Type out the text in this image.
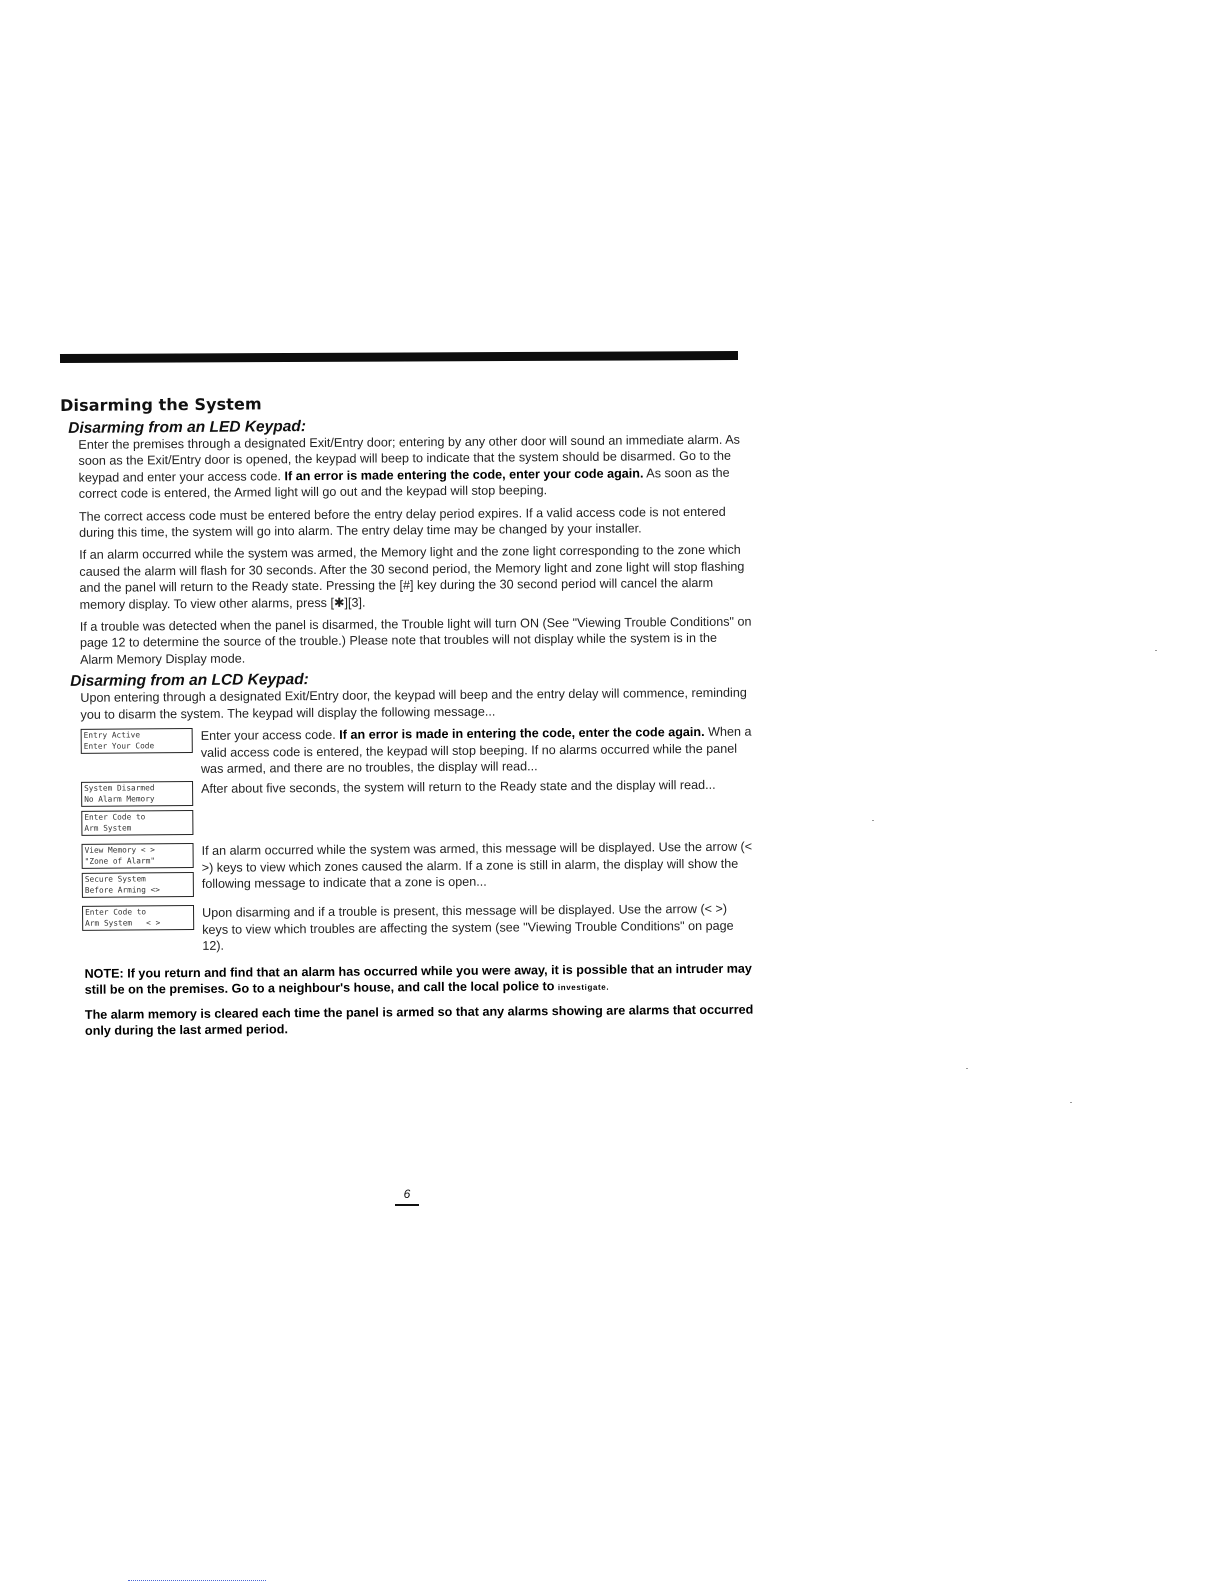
Disarming the System
Disarming from an LED Keypad:

Enter the premises through a designated Exit/Entry door; entering by any other door will sound an immediate alarm. As soon as the Exit/Entry door is opened, the keypad will beep to indicate that the system should be disarmed. Go to the keypad and enter your access code. If an error is made entering the code, enter your code again. As soon as the correct code is entered, the Armed light will go out and the keypad will stop beeping.

The correct access code must be entered before the entry delay period expires. If a valid access code is not entered during this time, the system will go into alarm. The entry delay time may be changed by your installer.

If an alarm occurred while the system was armed, the Memory light and the zone light corresponding to the zone which caused the alarm will flash for 30 seconds. After the 30 second period, the Memory light and zone light will stop flashing and the panel will return to the Ready state. Pressing the [#] key during the 30 second period will cancel the alarm memory display. To view other alarms, press [✱][3].

If a trouble was detected when the panel is disarmed, the Trouble light will turn ON (See "Viewing Trouble Conditions" on page 12 to determine the source of the trouble.) Please note that troubles will not display while the system is in the Alarm Memory Display mode.

Disarming from an LCD Keypad:

Upon entering through a designated Exit/Entry door, the keypad will beep and the entry delay will commence, reminding you to disarm the system. The keypad will display the following message...

Entry Active
Enter Your Code

Enter your access code. If an error is made in entering the code, enter the code again. When a valid access code is entered, the keypad will stop beeping. If no alarms occurred while the panel was armed, and there are no troubles, the display will read...

System Disarmed
No Alarm Memory
Enter Code to
Arm System

After about five seconds, the system will return to the Ready state and the display will read...

View Memory < >
"Zone of Alarm"
Secure System
Before Arming <>

If an alarm occurred while the system was armed, this message will be displayed. Use the arrow (< >) keys to view which zones caused the alarm. If a zone is still in alarm, the display will show the following message to indicate that a zone is open...

Enter Code to
Arm System   < >

Upon disarming and if a trouble is present, this message will be displayed. Use the arrow (< >) keys to view which troubles are affecting the system (see "Viewing Trouble Conditions" on page 12).

NOTE: If you return and find that an alarm has occurred while you were away, it is possible that an intruder may still be on the premises. Go to a neighbour's house, and call the local police to investigate.
The alarm memory is cleared each time the panel is armed so that any alarms showing are alarms that occurred only during the last armed period.
6
